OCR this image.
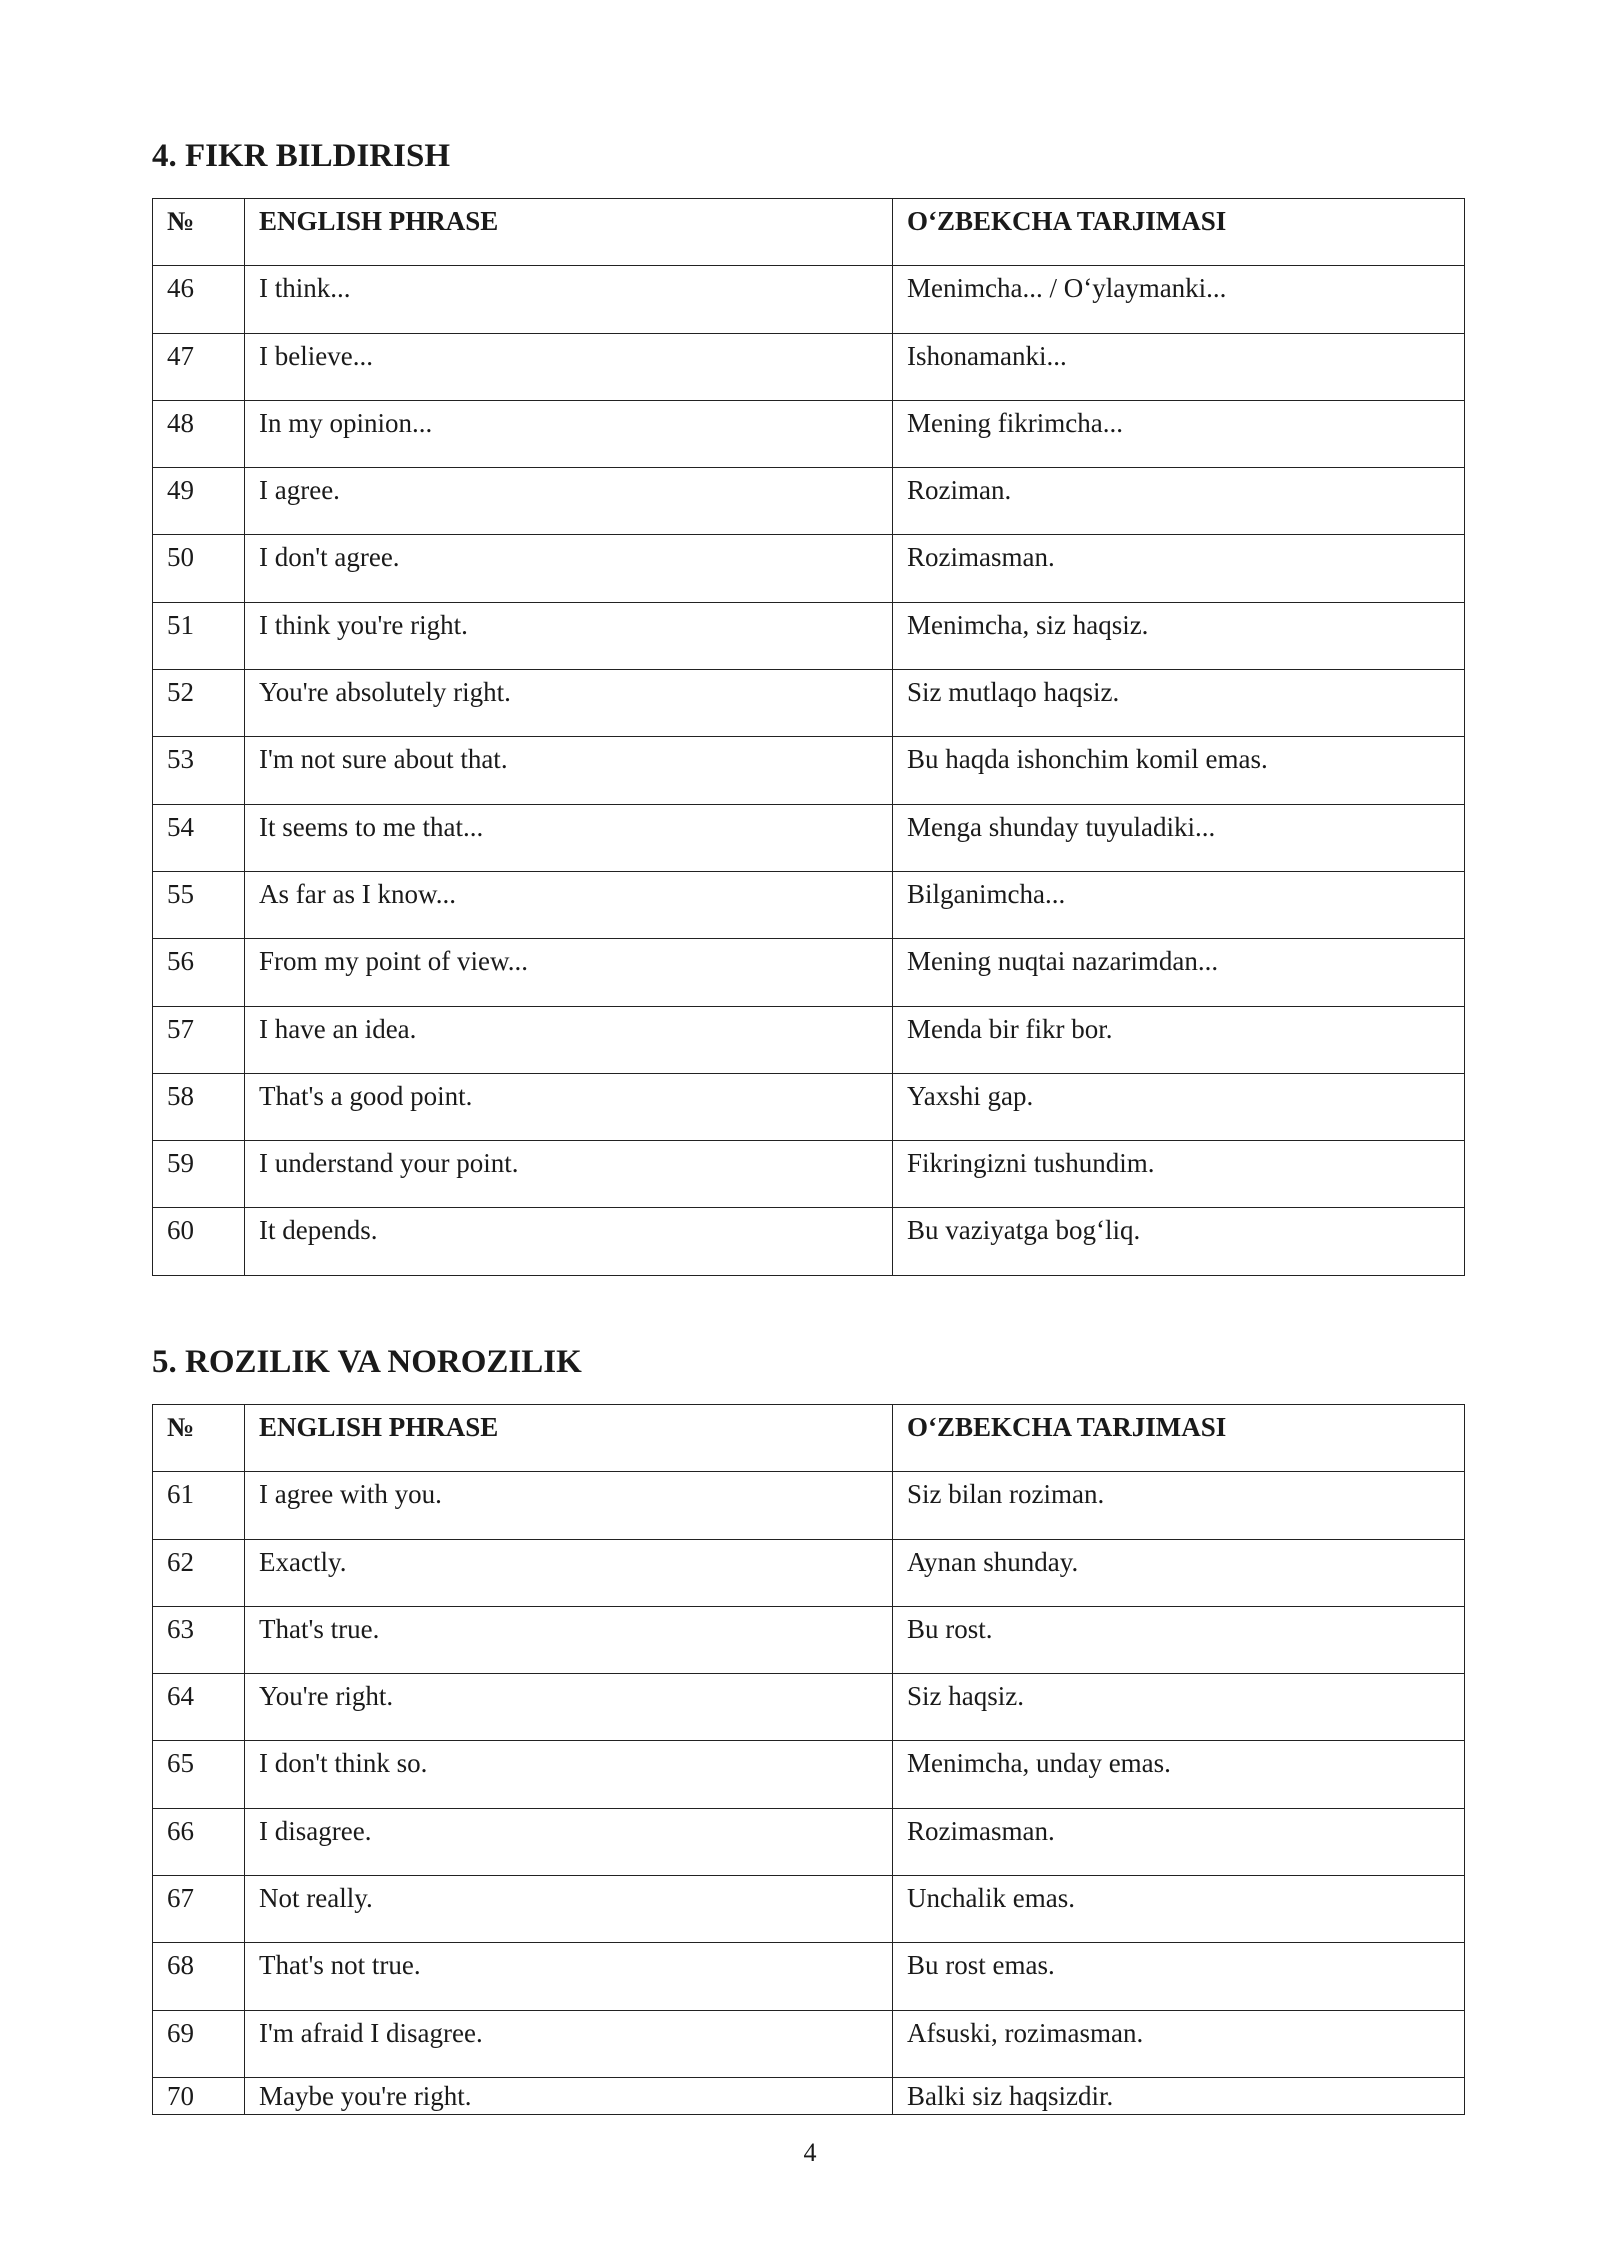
4. FIKR BILDIRISH
№	ENGLISH PHRASE	O‘ZBEKCHA TARJIMASI
46	I think...	Menimcha... / O‘ylaymanki...
47	I believe...	Ishonamanki...
48	In my opinion...	Mening fikrimcha...
49	I agree.	Roziman.
50	I don't agree.	Rozimasman.
51	I think you're right.	Menimcha, siz haqsiz.
52	You're absolutely right.	Siz mutlaqo haqsiz.
53	I'm not sure about that.	Bu haqda ishonchim komil emas.
54	It seems to me that...	Menga shunday tuyuladiki...
55	As far as I know...	Bilganimcha...
56	From my point of view...	Mening nuqtai nazarimdan...
57	I have an idea.	Menda bir fikr bor.
58	That's a good point.	Yaxshi gap.
59	I understand your point.	Fikringizni tushundim.
60	It depends.	Bu vaziyatga bog‘liq.
5. ROZILIK VA NOROZILIK
№	ENGLISH PHRASE	O‘ZBEKCHA TARJIMASI
61	I agree with you.	Siz bilan roziman.
62	Exactly.	Aynan shunday.
63	That's true.	Bu rost.
64	You're right.	Siz haqsiz.
65	I don't think so.	Menimcha, unday emas.
66	I disagree.	Rozimasman.
67	Not really.	Unchalik emas.
68	That's not true.	Bu rost emas.
69	I'm afraid I disagree.	Afsuski, rozimasman.
70	Maybe you're right.	Balki siz haqsizdir.
4
